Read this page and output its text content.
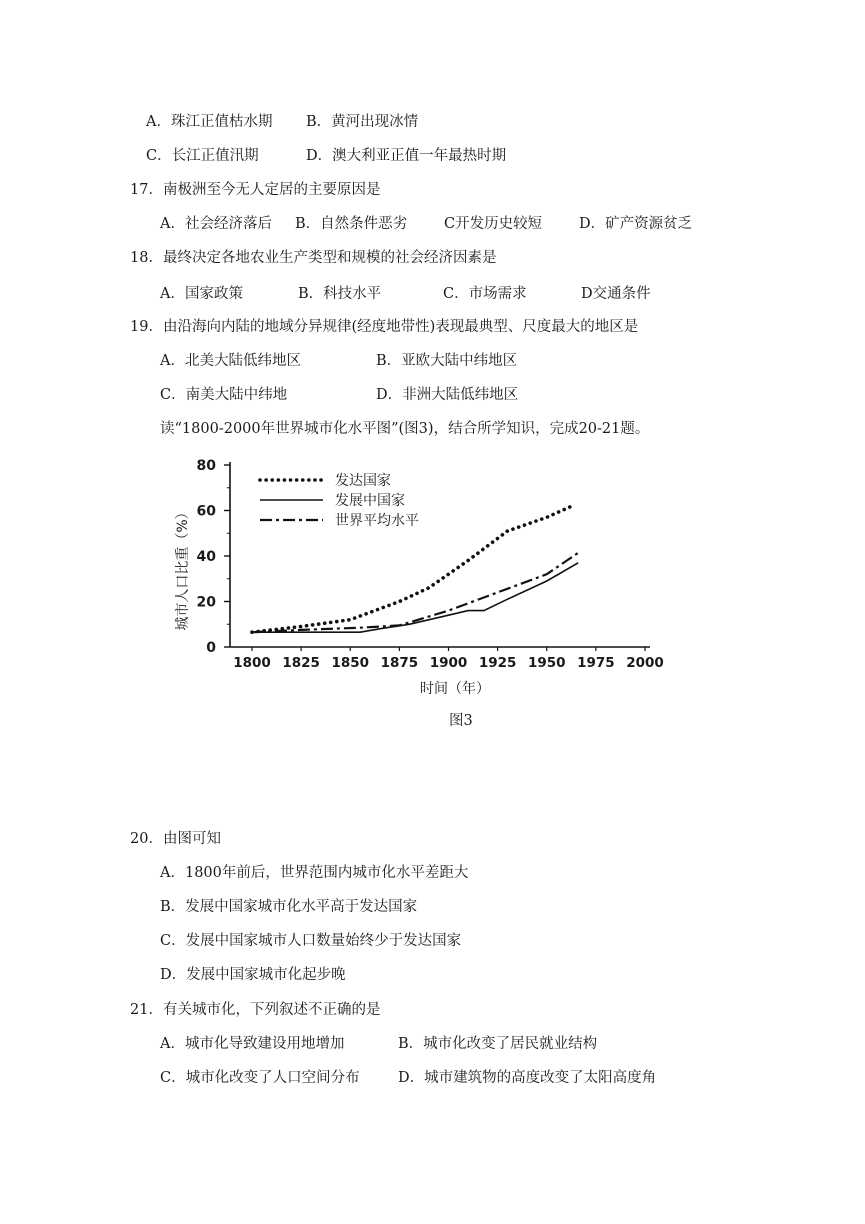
A．珠江正值枯水期 B．黄河出现冰情
C．长江正值汛期	D．澳大利亚正值一年最热时期
17．南极洲至今无人定居的主要原因是
A．社会经济落后 B．自然条件恶劣	C开发历史较短	D．矿产资源贫乏
18．最终决定各地农业生产类型和规模的社会经济因素是
A．国家政策	B．科技水平	C．市场需求	D交通条件
19．由沿海向内陆的地域分异规律(经度地带性)表现最典型、尺度最大的地区是
A．北美大陆低纬地区	B．亚欧大陆中纬地区
C．南美大陆中纬地	D．非洲大陆低纬地区
读“1800-2000年世界城市化水平图”(图3)，结合所学知识，完成20-21题。
0
20
40
60
80
1800 1825 1850 1875 1900 1925 1950 1975 2000
发达国家
发展中国家
世界平均水平
时间（年）
城市人口比重（%）
图3
20．由图可知
A．1800年前后，世界范围内城市化水平差距大
B．发展中国家城市化水平高于发达国家
C．发展中国家城市人口数量始终少于发达国家
D．发展中国家城市化起步晚
21．有关城市化，下列叙述不正确的是
A．城市化导致建设用地增加	B．城市化改变了居民就业结构
C．城市化改变了人口空间分布	D．城市建筑物的高度改变了太阳高度角
